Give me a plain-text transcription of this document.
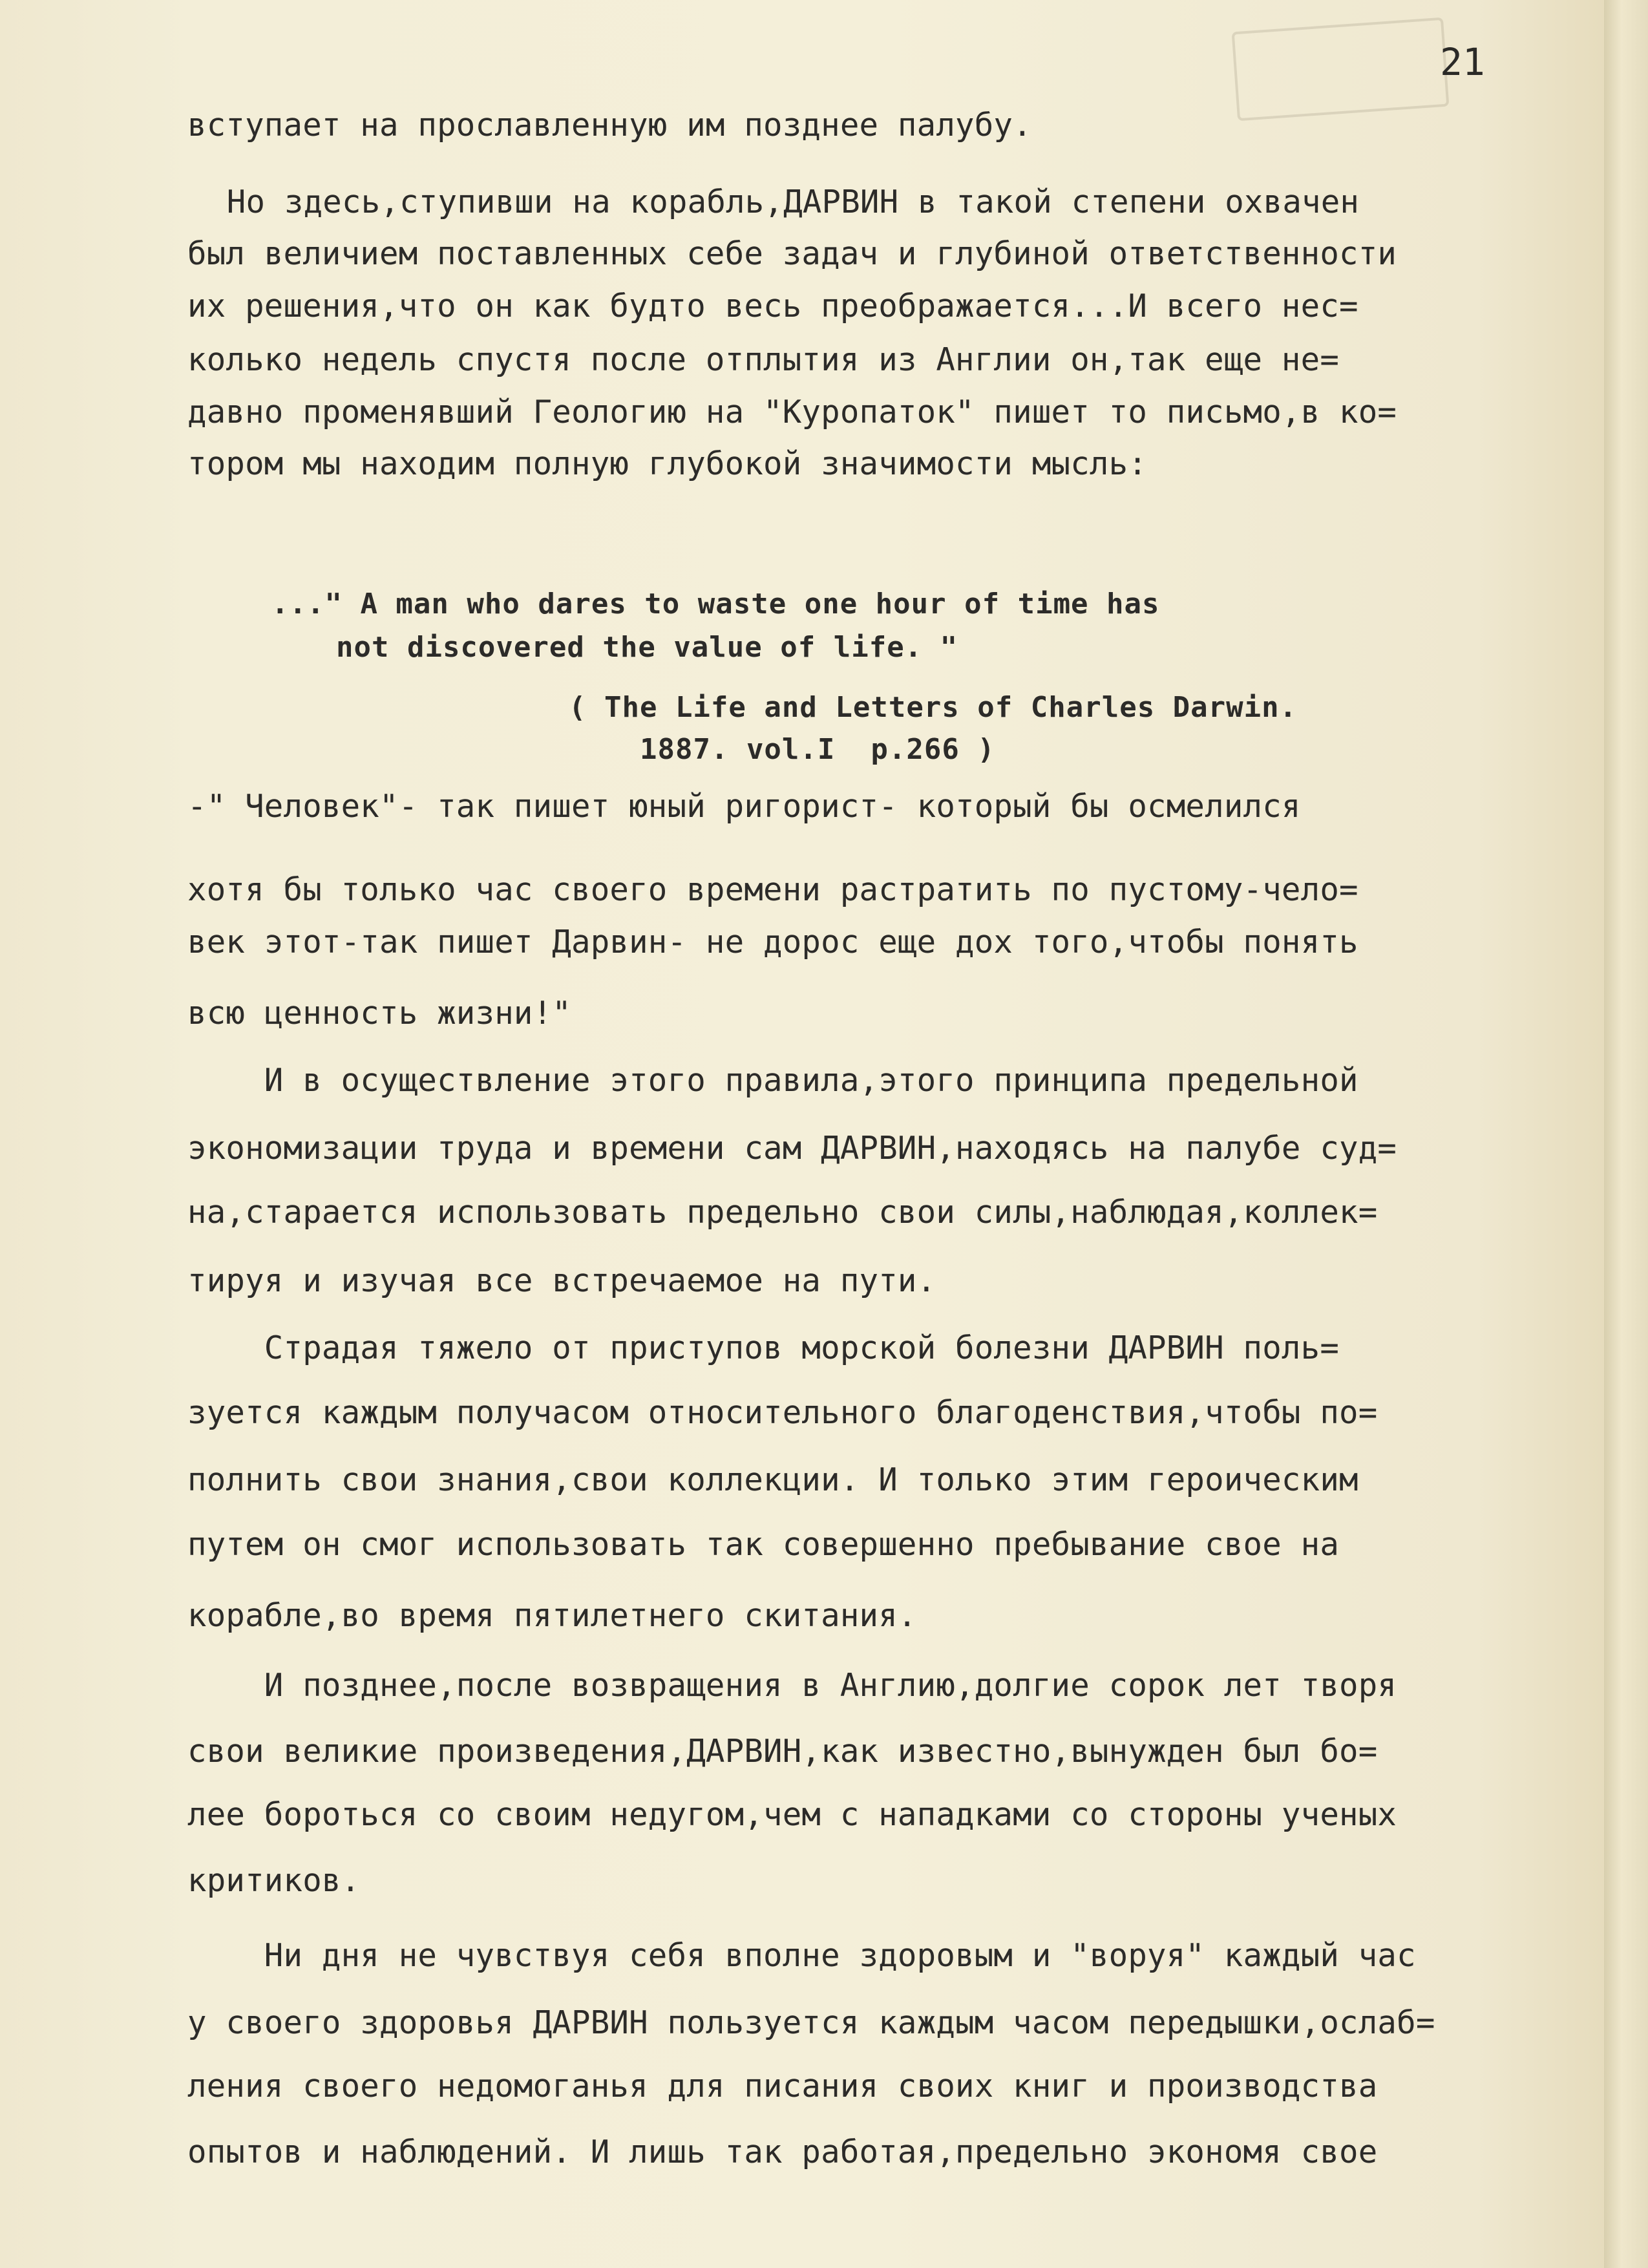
21
вступает на прославленную им позднее палубу.
Но здесь,ступивши на корабль,ДАРВИН в такой степени охвачен
был величием поставленных себе задач и глубиной ответственности
их решения,что он как будто весь преображается...И всего нес=
колько недель спустя после отплытия из Англии он,так еще не=
давно променявший Геологию на "Куропаток" пишет то письмо,в ко=
тором мы находим полную глубокой значимости мысль:
..." A man who dares to waste one hour of time has
not discovered the value of life. "
( The Life and Letters of Charles Darwin.
1887. vol.I  p.266 )
-" Человек"- так пишет юный ригорист- который бы осмелился
хотя бы только час своего времени растратить по пустому-чело=
век этот-так пишет Дарвин- не дорос еще дох того,чтобы понять
всю ценность жизни!"
И в осуществление этого правила,этого принципа предельной
экономизации труда и времени сам ДАРВИН,находясь на палубе суд=
на,старается использовать предельно свои силы,наблюдая,коллек=
тируя и изучая все встречаемое на пути.
Страдая тяжело от приступов морской болезни ДАРВИН поль=
зуется каждым получасом относительного благоденствия,чтобы по=
полнить свои знания,свои коллекции. И только этим героическим
путем он смог использовать так совершенно пребывание свое на
корабле,во время пятилетнего скитания.
И позднее,после возвращения в Англию,долгие сорок лет творя
свои великие произведения,ДАРВИН,как известно,вынужден был бо=
лее бороться со своим недугом,чем с нападками со стороны ученых
критиков.
Ни дня не чувствуя себя вполне здоровым и "воруя" каждый час
у своего здоровья ДАРВИН пользуется каждым часом передышки,ослаб=
ления своего недомоганья для писания своих книг и производства
опытов и наблюдений. И лишь так работая,предельно экономя свое
